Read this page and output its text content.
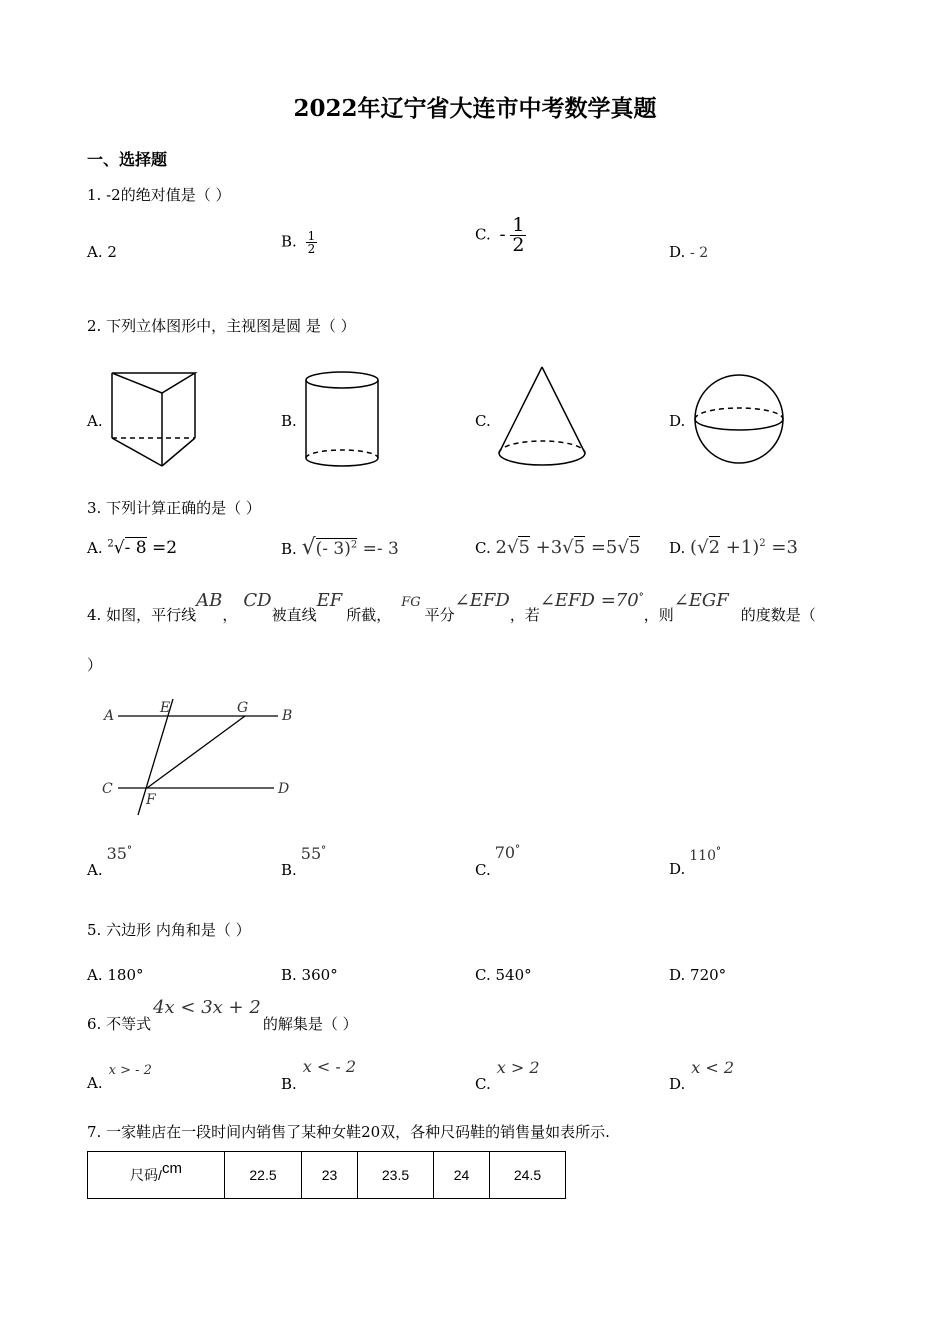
2022年辽宁省大连市中考数学真题
一、选择题
1. -2的绝对值是（ ）
A. 2
B. $\frac{1}{2}$	C. - $\frac{1}{2}$	D. - 2
2. 下列立体图形中，主视图是圆 是（ ）
A.	B.	C.	D.
3. 下列计算正确的是（ ）
A. $^2$√- 8 =2	B. √(- 3)$^2$ =- 3	C. 2√5 +3√5 =5√5 D. $(√2 +1)^2 =3$
4. 如图，平行线AB，CD被直线EF所截，FG平分∠EFD，若∠EFD =70°，则∠EGF的度数是（
）
A	B
C	D
E
F
G
A.35°
B.55°
C.70°
D.110°
5. 六边形 内角和是（ ）
A. 180°	B. 360°	C. 540°	D. 720°
6. 不等式4x < 3x + 2的解集是（ ）
A.x > - 2
B.x < - 2
C.x > 2
D.x < 2
7. 一家鞋店在一段时间内销售了某种女鞋20双，各种尺码鞋的销售量如表所示.
尺码/cm	22.5	23	23.5	24	24.5
